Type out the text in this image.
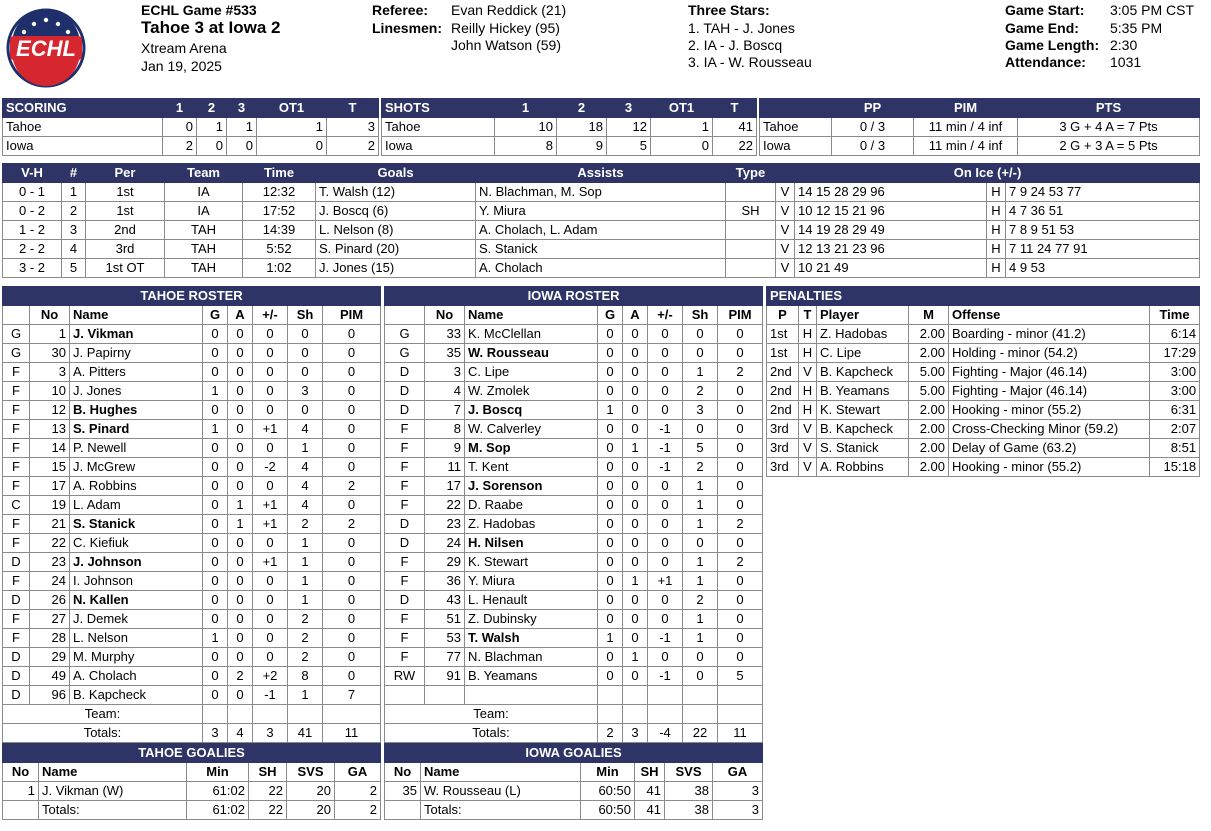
ECHL
ECHL Game #533
Tahoe 3 at Iowa 2
Xtream Arena
Jan 19, 2025
Referee: Evan Reddick (21)
Linesmen: Reilly Hickey (95)
John Watson (59)
Three Stars:
1. TAH - J. Jones
2. IA - J. Boscq
3. IA - W. Rousseau
Game Start: 3:05 PM CST
Game End: 5:35 PM
Game Length: 2:30
Attendance: 1031
SCORING	1	2	3	OT1	T
Tahoe	0	1	1	1	3
Iowa	2	0	0	0	2
SHOTS	1	2	3	OT1	T
Tahoe	10	18	12	1	41
Iowa	8	9	5	0	22
	PP	PIM	PTS
Tahoe	0 / 3	11 min / 4 inf	3 G + 4 A = 7 Pts
Iowa	0 / 3	11 min / 4 inf	2 G + 3 A = 5 Pts
V-H	#	Per	Team	Time	Goals	Assists	Type	On Ice (+/-)			
0 - 1	1	1st	IA	12:32	T. Walsh (12)	N. Blachman, M. Sop		V	14 15 28 29 96	H	7 9 24 53 77
0 - 2	2	1st	IA	17:52	J. Boscq (6)	Y. Miura	SH	V	10 12 15 21 96	H	4 7 36 51
1 - 2	3	2nd	TAH	14:39	L. Nelson (8)	A. Cholach, L. Adam		V	14 19 28 29 49	H	7 8 9 51 53
2 - 2	4	3rd	TAH	5:52	S. Pinard (20)	S. Stanick		V	12 13 21 23 96	H	7 11 24 77 91
3 - 2	5	1st OT	TAH	1:02	J. Jones (15)	A. Cholach		V	10 21 49	H	4 9 53
TAHOE ROSTER							
	No	Name	G	A	+/-	Sh	PIM
G	1	J. Vikman	0	0	0	0	0
G	30	J. Papirny	0	0	0	0	0
F	3	A. Pitters	0	0	0	0	0
F	10	J. Jones	1	0	0	3	0
F	12	B. Hughes	0	0	0	0	0
F	13	S. Pinard	1	0	+1	4	0
F	14	P. Newell	0	0	0	1	0
F	15	J. McGrew	0	0	-2	4	0
F	17	A. Robbins	0	0	0	4	2
C	19	L. Adam	0	1	+1	4	0
F	21	S. Stanick	0	1	+1	2	2
F	22	C. Kiefiuk	0	0	0	1	0
D	23	J. Johnson	0	0	+1	1	0
F	24	I. Johnson	0	0	0	1	0
D	26	N. Kallen	0	0	0	1	0
F	27	J. Demek	0	0	0	2	0
F	28	L. Nelson	1	0	0	2	0
D	29	M. Murphy	0	0	0	2	0
D	49	A. Cholach	0	2	+2	8	0
D	96	B. Kapcheck	0	0	-1	1	7
Team:							
Totals:			3	4	3	41	11
IOWA ROSTER							
	No	Name	G	A	+/-	Sh	PIM
G	33	K. McClellan	0	0	0	0	0
G	35	W. Rousseau	0	0	0	0	0
D	3	C. Lipe	0	0	0	1	2
D	4	W. Zmolek	0	0	0	2	0
D	7	J. Boscq	1	0	0	3	0
F	8	W. Calverley	0	0	-1	0	0
F	9	M. Sop	0	1	-1	5	0
F	11	T. Kent	0	0	-1	2	0
F	17	J. Sorenson	0	0	0	1	0
F	22	D. Raabe	0	0	0	1	0
D	23	Z. Hadobas	0	0	0	1	2
D	24	H. Nilsen	0	0	0	0	0
F	29	K. Stewart	0	0	0	1	2
F	36	Y. Miura	0	1	+1	1	0
D	43	L. Henault	0	0	0	2	0
F	51	Z. Dubinsky	0	0	0	1	0
F	53	T. Walsh	1	0	-1	1	0
F	77	N. Blachman	0	1	0	0	0
RW	91	B. Yeamans	0	0	-1	0	5

Team:							
Totals:			2	3	-4	22	11
PENALTIES					
P	T	Player	M	Offense	Time
1st	H	Z. Hadobas	2.00	Boarding - minor (41.2)	6:14
1st	H	C. Lipe	2.00	Holding - minor (54.2)	17:29
2nd	V	B. Kapcheck	5.00	Fighting - Major (46.14)	3:00
2nd	H	B. Yeamans	5.00	Fighting - Major (46.14)	3:00
2nd	H	K. Stewart	2.00	Hooking - minor (55.2)	6:31
3rd	V	B. Kapcheck	2.00	Cross-Checking Minor (59.2)	2:07
3rd	V	S. Stanick	2.00	Delay of Game (63.2)	8:51
3rd	V	A. Robbins	2.00	Hooking - minor (55.2)	15:18
TAHOE GOALIES					
No	Name	Min	SH	SVS	GA
1	J. Vikman (W)	61:02	22	20	2
	Totals:	61:02	22	20	2
IOWA GOALIES					
No	Name	Min	SH	SVS	GA
35	W. Rousseau (L)	60:50	41	38	3
	Totals:	60:50	41	38	3
